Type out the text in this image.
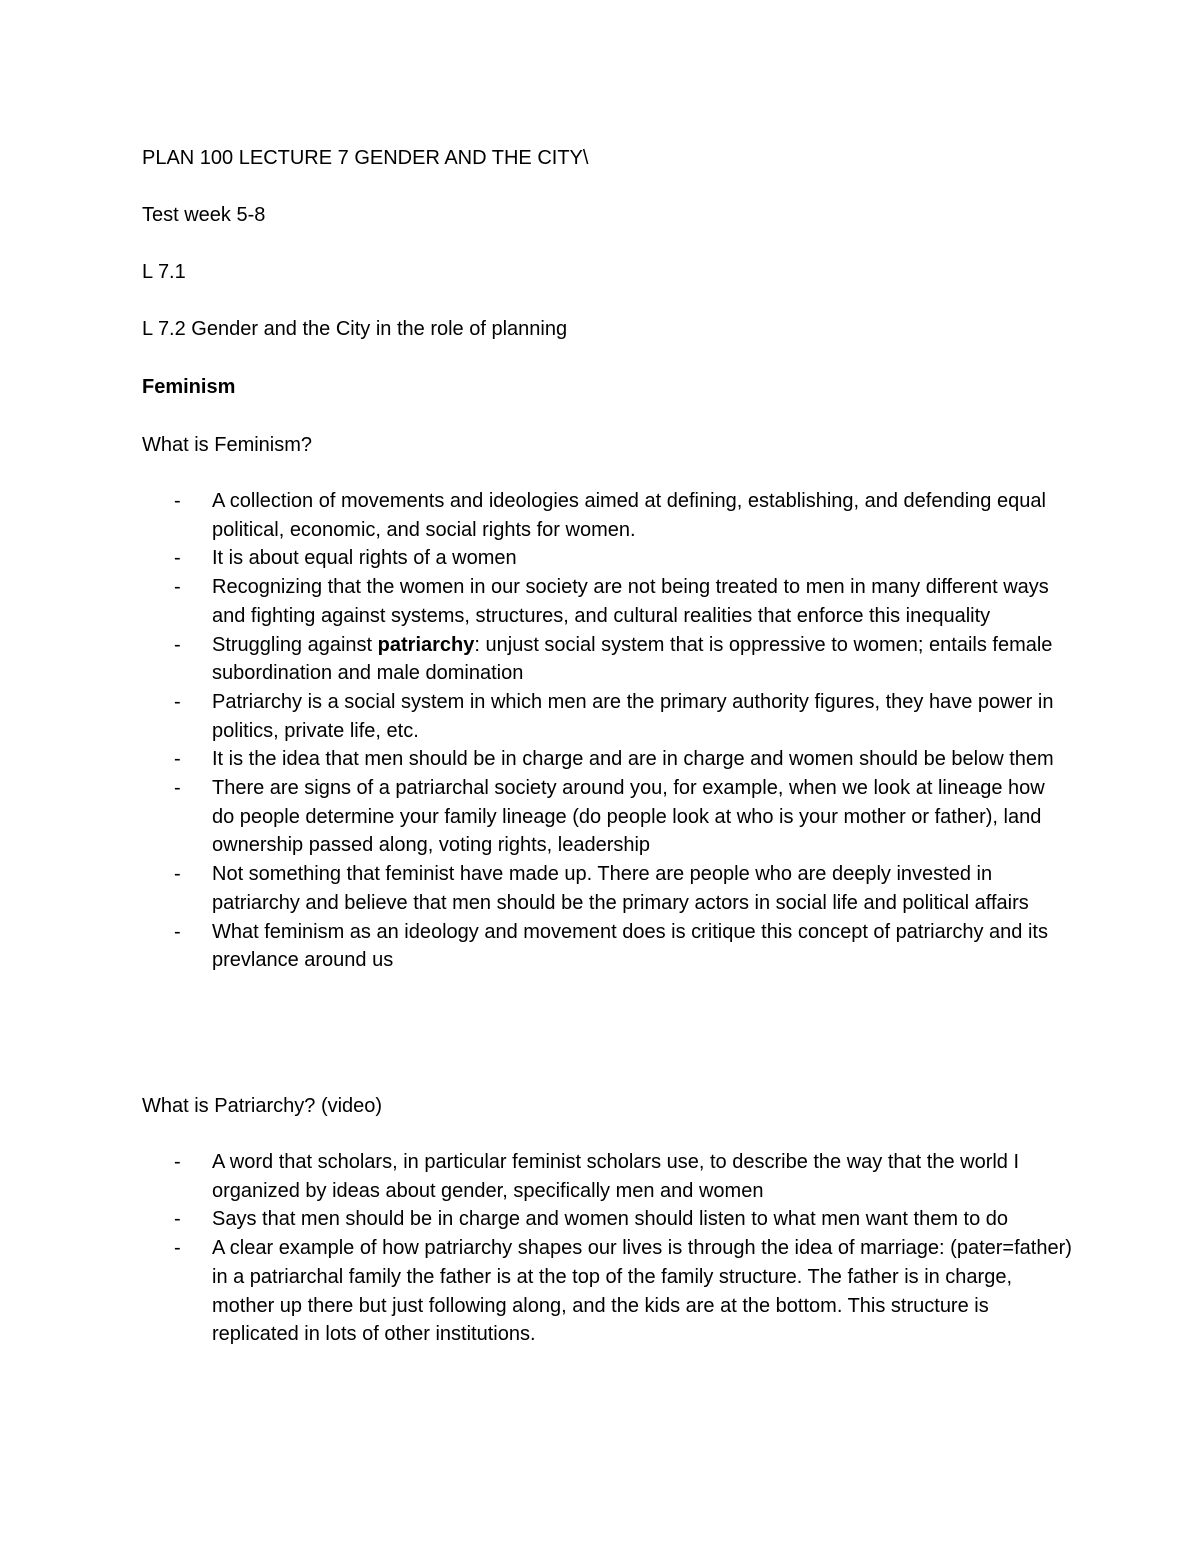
PLAN 100 LECTURE 7 GENDER AND THE CITY\
Test week 5-8
L 7.1
L 7.2 Gender and the City in the role of planning
Feminism
What is Feminism?
- A collection of movements and ideologies aimed at defining, establishing, and defending equal political, economic, and social rights for women.
- It is about equal rights of a women
- Recognizing that the women in our society are not being treated to men in many different ways and fighting against systems, structures, and cultural realities that enforce this inequality
- Struggling against patriarchy: unjust social system that is oppressive to women; entails female subordination and male domination
- Patriarchy is a social system in which men are the primary authority figures, they have power in politics, private life, etc.
- It is the idea that men should be in charge and are in charge and women should be below them
- There are signs of a patriarchal society around you, for example, when we look at lineage how do people determine your family lineage (do people look at who is your mother or father), land ownership passed along, voting rights, leadership
- Not something that feminist have made up. There are people who are deeply invested in patriarchy and believe that men should be the primary actors in social life and political affairs
- What feminism as an ideology and movement does is critique this concept of patriarchy and its prevlance around us
What is Patriarchy? (video)
- A word that scholars, in particular feminist scholars use, to describe the way that the world I organized by ideas about gender, specifically men and women
- Says that men should be in charge and women should listen to what men want them to do
- A clear example of how patriarchy shapes our lives is through the idea of marriage: (pater=father) in a patriarchal family the father is at the top of the family structure. The father is in charge, mother up there but just following along, and the kids are at the bottom. This structure is replicated in lots of other institutions.
